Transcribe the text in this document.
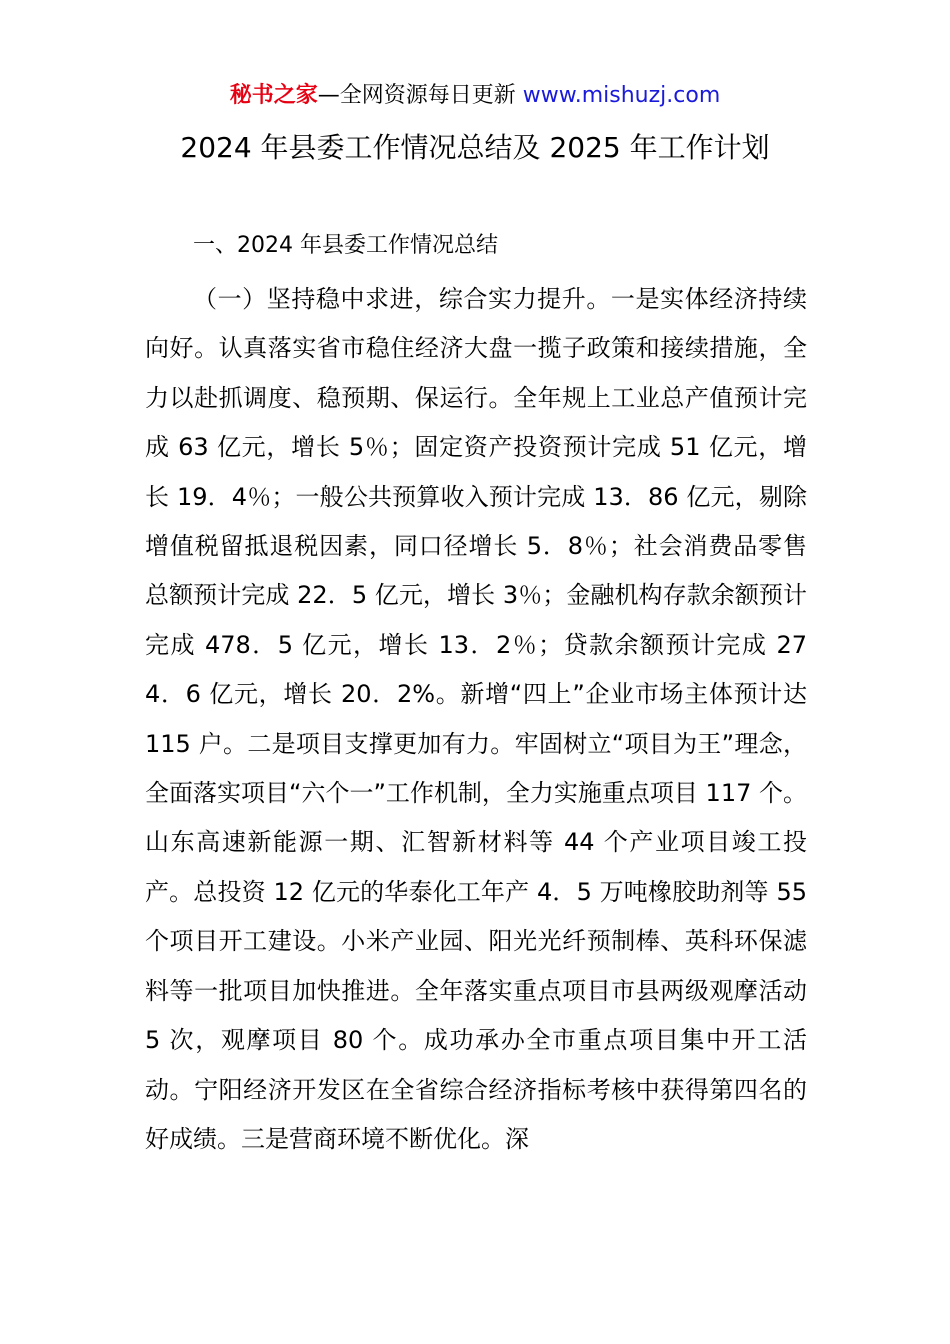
秘书之家—全网资源每日更新 www.mishuzj.com
2024 年县委工作情况总结及 2025 年工作计划
一、2024 年县委工作情况总结

（一）坚持稳中求进，综合实力提升。一是实体经济持续向好。认真落实省市稳住经济大盘一揽子政策和接续措施，全力以赴抓调度、稳预期、保运行。全年规上工业总产值预计完成 63 亿元，增长 5％；固定资产投资预计完成 51 亿元，增长 19．4％；一般公共预算收入预计完成 13．86 亿元，剔除增值税留抵退税因素，同口径增长 5．8％；社会消费品零售总额预计完成 22．5 亿元，增长 3％；金融机构存款余额预计完成 478．5 亿元，增长 13．2％；贷款余额预计完成 274．6 亿元，增长 20．2%。新增“四上”企业市场主体预计达 115 户。二是项目支撑更加有力。牢固树立“项目为王”理念，全面落实项目“六个一”工作机制，全力实施重点项目 117 个。山东高速新能源一期、汇智新材料等 44 个产业项目竣工投产。总投资 12 亿元的华泰化工年产 4．5 万吨橡胶助剂等 55 个项目开工建设。小米产业园、阳光光纤预制棒、英科环保滤料等一批项目加快推进。全年落实重点项目市县两级观摩活动 5 次，观摩项目 80 个。成功承办全市重点项目集中开工活动。宁阳经济开发区在全省综合经济指标考核中获得第四名的好成绩。三是营商环境不断优化。深
